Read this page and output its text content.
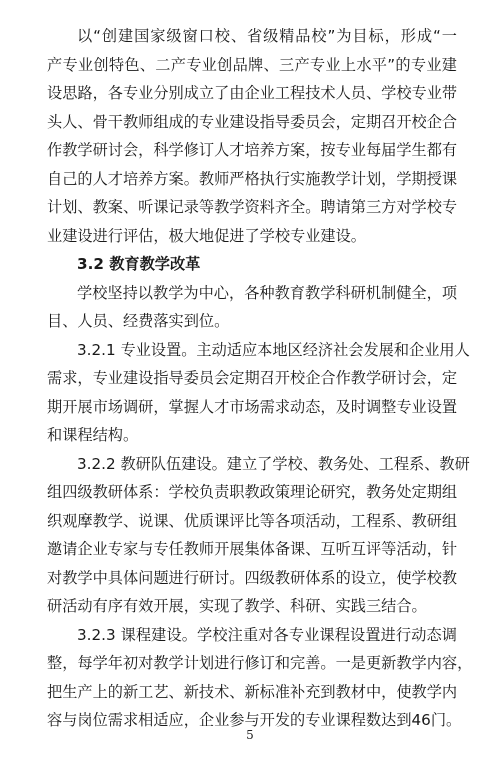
以“创建国家级窗口校、省级精品校”为目标，形成“一
产专业创特色、二产专业创品牌、三产专业上水平”的专业建
设思路，各专业分别成立了由企业工程技术人员、学校专业带
头人、骨干教师组成的专业建设指导委员会，定期召开校企合
作教学研讨会，科学修订人才培养方案，按专业每届学生都有
自己的人才培养方案。教师严格执行实施教学计划，学期授课
计划、教案、听课记录等教学资料齐全。聘请第三方对学校专
业建设进行评估，极大地促进了学校专业建设。
3.2 教育教学改革
学校坚持以教学为中心，各种教育教学科研机制健全，项
目、人员、经费落实到位。
3.2.1 专业设置。主动适应本地区经济社会发展和企业用人
需求，专业建设指导委员会定期召开校企合作教学研讨会，定
期开展市场调研，掌握人才市场需求动态，及时调整专业设置
和课程结构。
3.2.2 教研队伍建设。建立了学校、教务处、工程系、教研
组四级教研体系：学校负责职教政策理论研究，教务处定期组
织观摩教学、说课、优质课评比等各项活动，工程系、教研组
邀请企业专家与专任教师开展集体备课、互听互评等活动，针
对教学中具体问题进行研讨。四级教研体系的设立，使学校教
研活动有序有效开展，实现了教学、科研、实践三结合。
3.2.3 课程建设。学校注重对各专业课程设置进行动态调
整，每学年初对教学计划进行修订和完善。一是更新教学内容，
把生产上的新工艺、新技术、新标准补充到教材中，使教学内
容与岗位需求相适应，企业参与开发的专业课程数达到46门。
5
